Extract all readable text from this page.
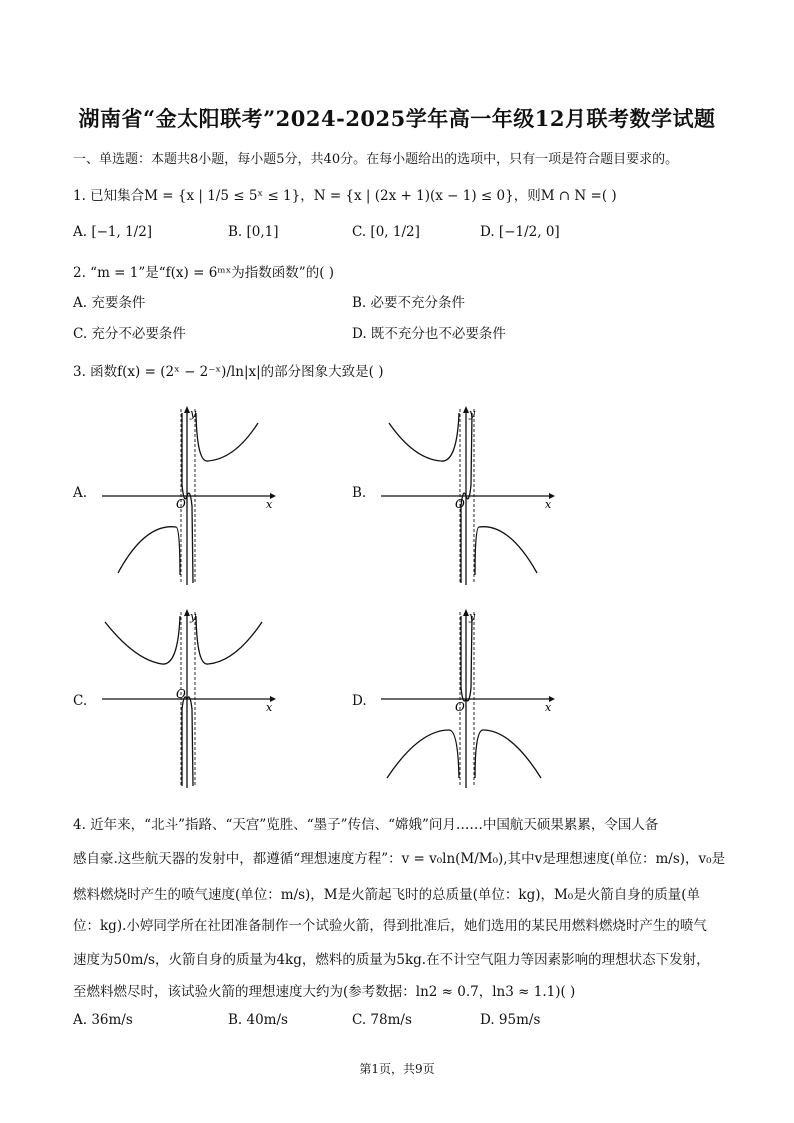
湖南省“金太阳联考”2024-2025学年高一年级12月联考数学试题
一、单选题：本题共8小题，每小题5分，共40分。在每小题给出的选项中，只有一项是符合题目要求的。
1. 已知集合M = {x | 1/5 ≤ 5ˣ ≤ 1}，N = {x | (2x + 1)(x − 1) ≤ 0}，则M ∩ N =( )
A. [−1, 1/2]	B. [0,1]	C. [0, 1/2]	D. [−1/2, 0]
2. “m = 1”是“f(x) = 6ᵐˣ为指数函数”的( )
A. 充要条件	B. 必要不充分条件
C. 充分不必要条件	D. 既不充分也不必要条件
3. 函数f(x) = (2ˣ − 2⁻ˣ)/ln|x|的部分图象大致是( )
A.	B.
C.	D.
x
y
O	x
y
O
x
y
O
x
y
O
4. 近年来，“北斗”指路、“天宫”览胜、“墨子”传信、“嫦娥”问月……中国航天硕果累累，令国人备
感自豪.这些航天器的发射中，都遵循“理想速度方程”：v = v₀ln(M/M₀),其中v是理想速度(单位：m/s)，v₀是
燃料燃烧时产生的喷气速度(单位：m/s)，M是火箭起飞时的总质量(单位：kg)，M₀是火箭自身的质量(单
位：kg).小婷同学所在社团准备制作一个试验火箭，得到批准后，她们选用的某民用燃料燃烧时产生的喷气
速度为50m/s，火箭自身的质量为4kg，燃料的质量为5kg.在不计空气阻力等因素影响的理想状态下发射，
至燃料燃尽时，该试验火箭的理想速度大约为(参考数据：ln2 ≈ 0.7，ln3 ≈ 1.1)( )
A. 36m/s	B. 40m/s	C. 78m/s	D. 95m/s
第1页，共9页
